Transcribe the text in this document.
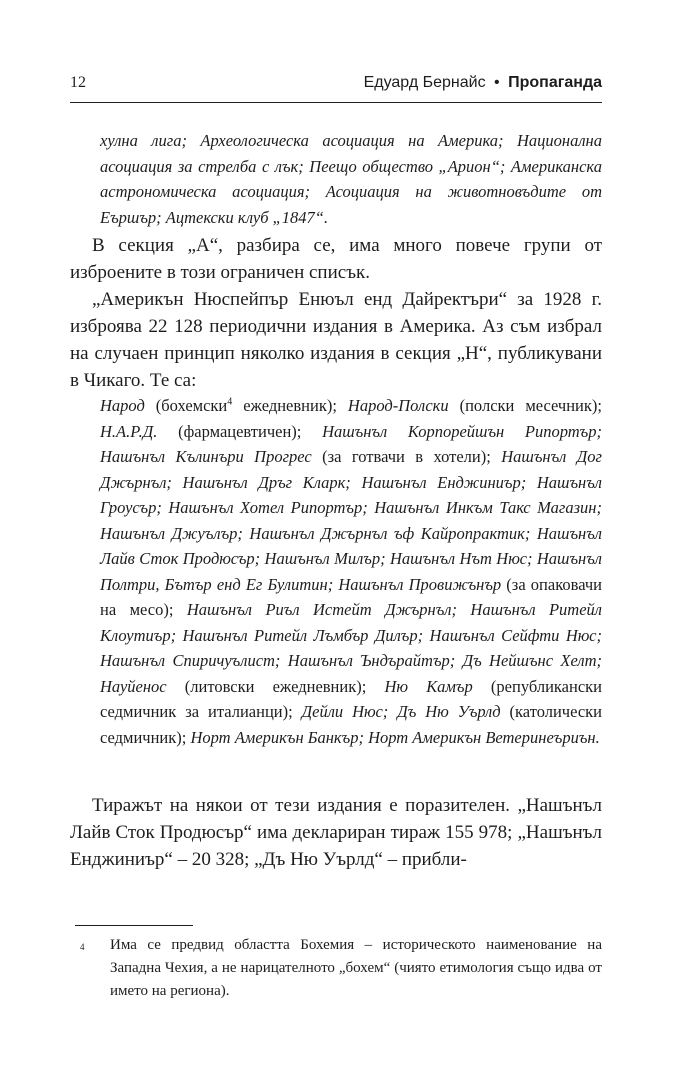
12	Едуард Бернайс • Пропаганда

хулна лига; Археологическа асоциация на Америка; Национална асоциация за стрелба с лък; Пеещо общество „Арион“; Американска астрономическа асоциация; Асоциация на животновъдите от Еършър; Ацтекски клуб „1847“.

В секция „А“, разбира се, има много повече групи от изброените в този ограничен списък.

„Америкън Нюспейпър Енюъл енд Дайректъри“ за 1928 г. изброява 22 128 периодични издания в Америка. Аз съм избрал на случаен принцип няколко издания в секция „Н“, публикувани в Чикаго. Те са:

Народ (бохемски$^4$ ежедневник); Народ-Полски (полски месечник); Н.А.Р.Д. (фармацевтичен); Нашънъл Корпорейшън Рипортър; Нашънъл Кълинъри Прогрес (за готвачи в хотели); Нашънъл Дог Джърнъл; Нашънъл Дръг Кларк; Нашънъл Енджиниър; Нашънъл Гроусър; Нашънъл Хотел Рипортър; Нашънъл Инкъм Такс Магазин; Нашънъл Джуълър; Нашънъл Джърнъл ъф Кайропрактик; Нашънъл Лайв Сток Продюсър; Нашънъл Милър; Нашънъл Нът Нюс; Нашънъл Полтри, Бътър енд Ег Булитин; Нашънъл Провижънър (за опаковачи на месо); Нашънъл Риъл Истейт Джърнъл; Нашънъл Ритейл Клоутиър; Нашънъл Ритейл Лъмбър Дилър; Нашънъл Сейфти Нюс; Нашънъл Спиричуълист; Нашънъл Ъндърайтър; Дъ Нейшънс Хелт; Науйенос (литовски ежедневник); Ню Камър (републикански седмичник за италианци); Дейли Нюс; Дъ Ню Уърлд (католически седмичник); Норт Америкън Банкър; Норт Америкън Ветеринеъриън.

Тиражът на някои от тези издания е поразителен. „Нашънъл Лайв Сток Продюсър“ има деклариран тираж 155 978; „Нашънъл Енджиниър“ – 20 328; „Дъ Ню Уърлд“ – прибли-

4	Има се предвид областта Бохемия – историческото наименование на Западна Чехия, а не нарицателното „бохем“ (чиято етимология също идва от името на региона).
